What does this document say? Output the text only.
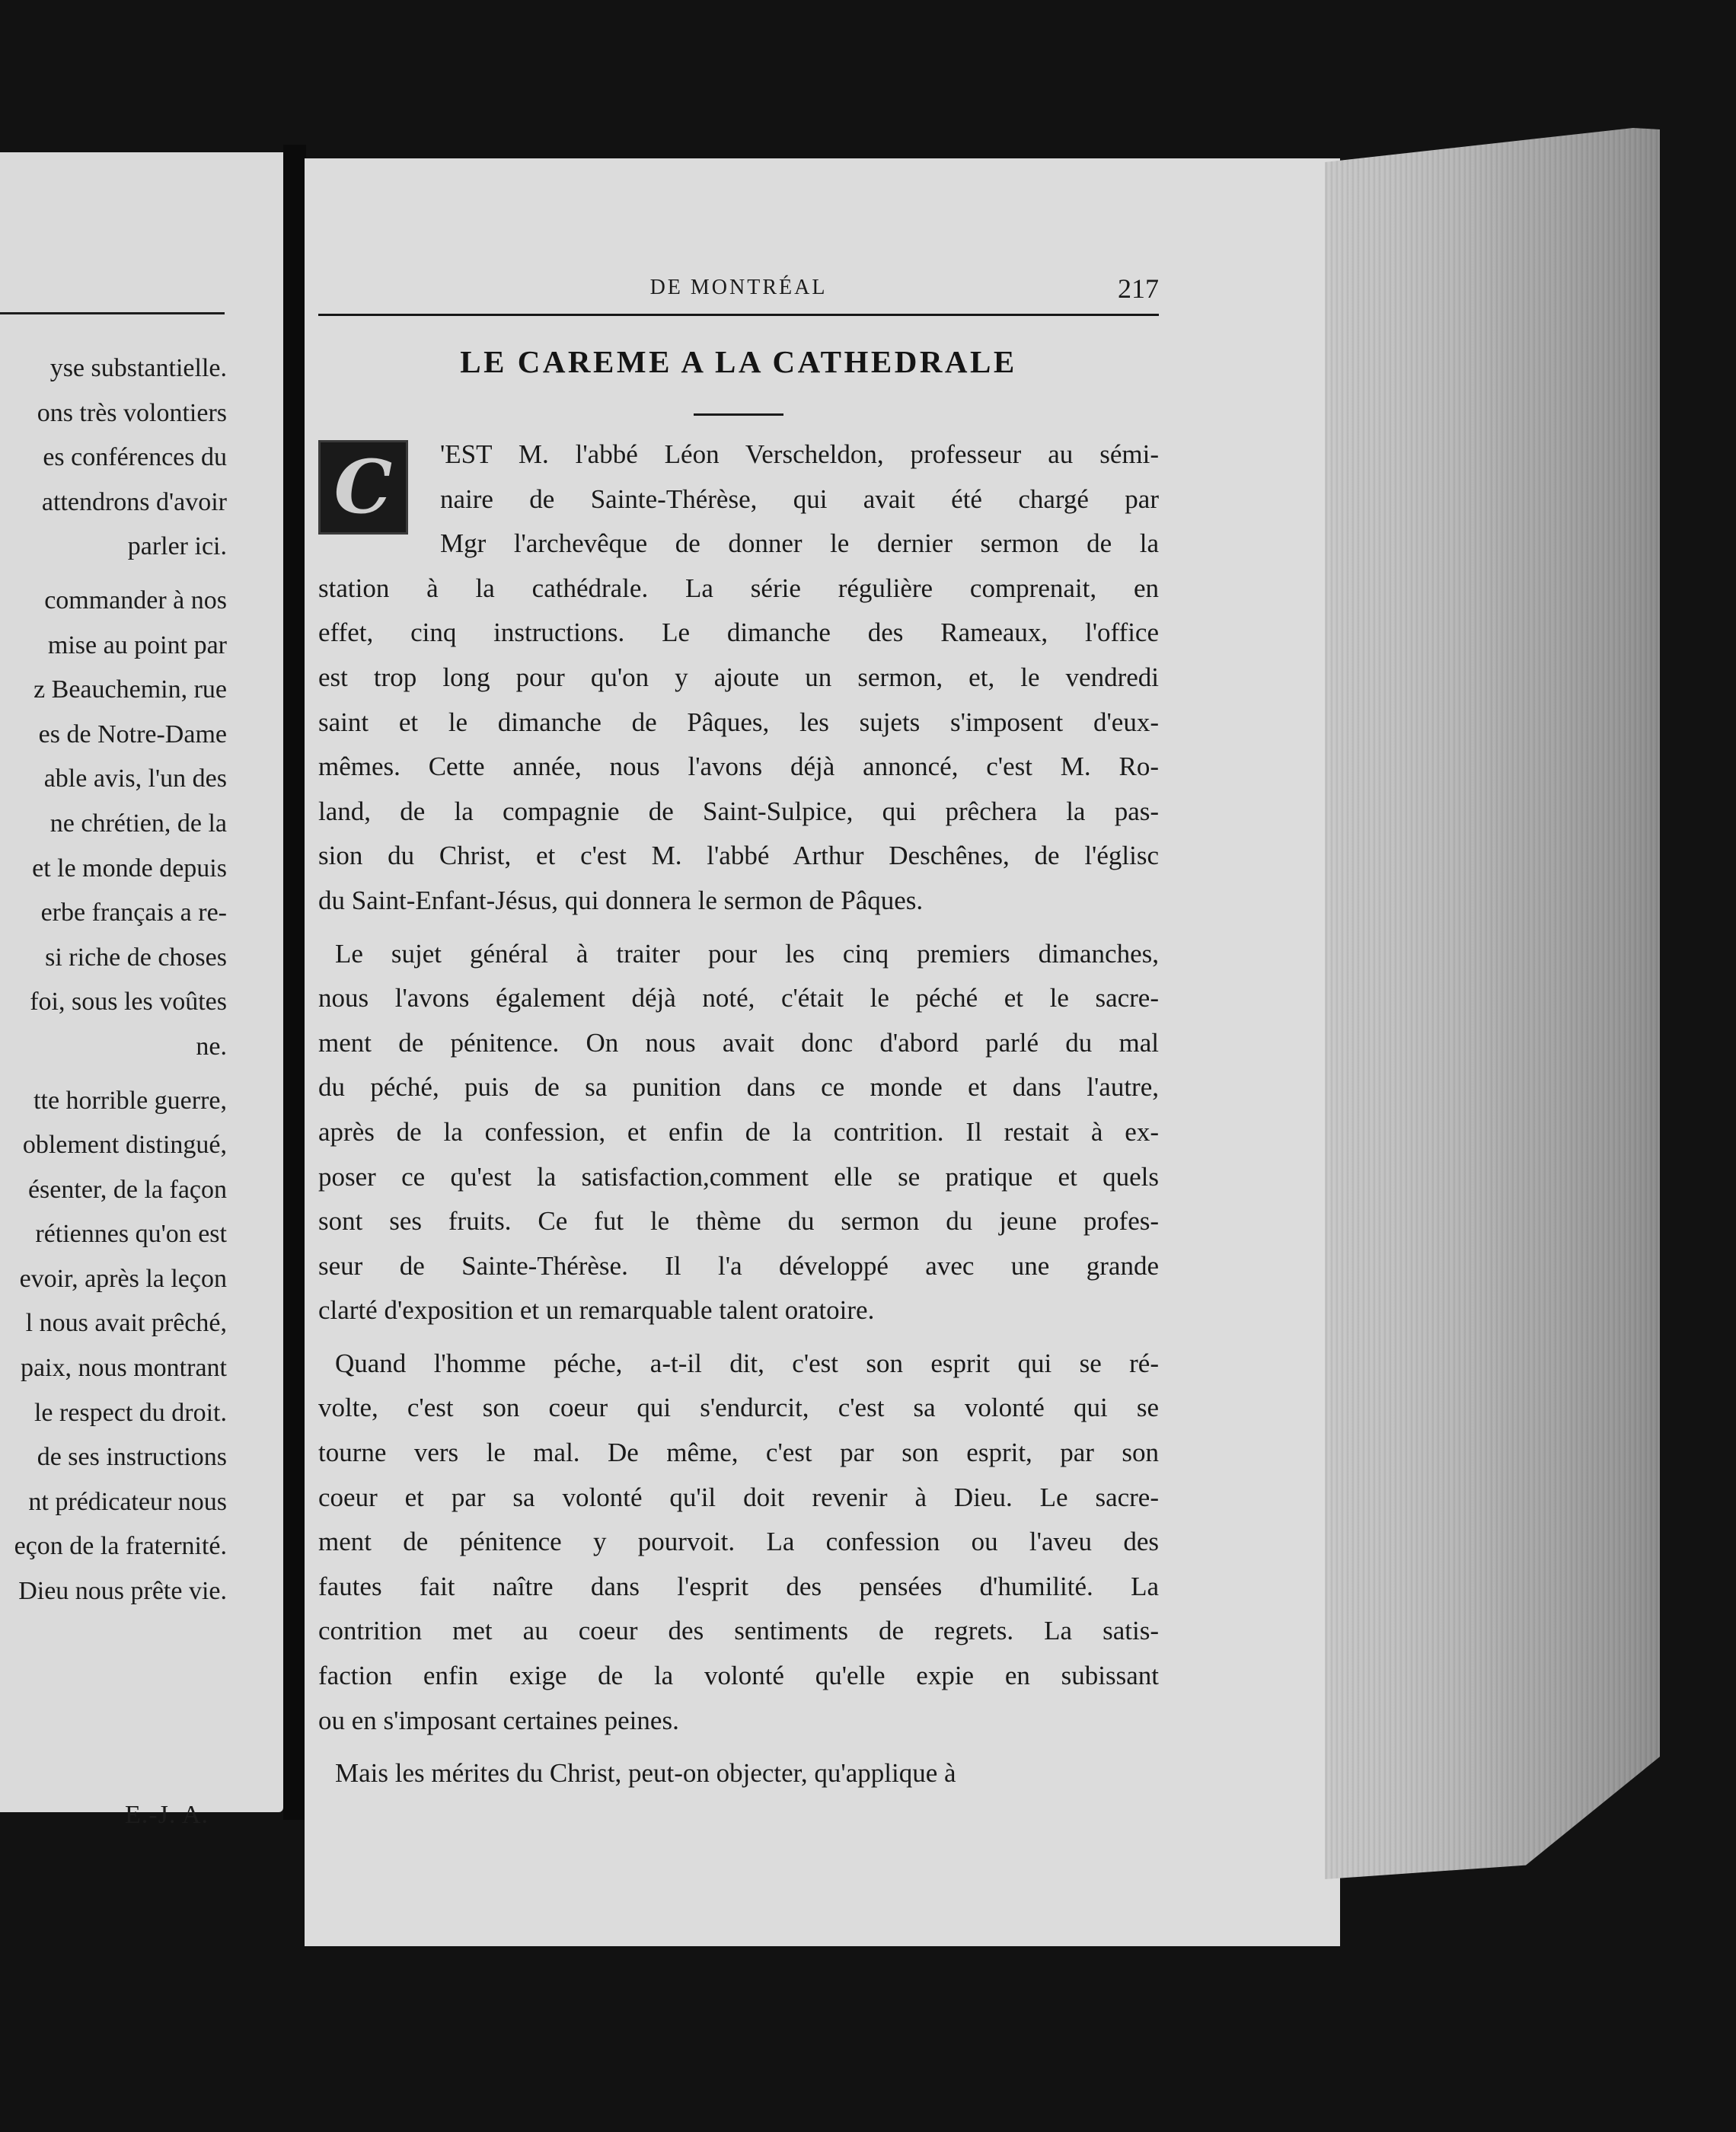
yse substantielle.
ons très volontiers
es conférences du
attendrons d'avoir
parler ici.
commander à nos
mise au point par
z Beauchemin, rue
es de Notre-Dame
able avis, l'un des
ne chrétien, de la
et le monde depuis
erbe français a re-
si riche de choses
foi, sous les voûtes
ne.
tte horrible guerre,
oblement distingué,
ésenter, de la façon
rétiennes qu'on est
evoir, après la leçon
l nous avait prêché,
paix, nous montrant
le respect du droit.
de ses instructions
nt prédicateur nous
eçon de la fraternité.
Dieu nous prête vie.
E.-J. A.
DE MONTRÉAL	217
LE CAREME A LA CATHEDRALE
C 'EST M. l'abbé Léon Verscheldon, professeur au sémi-
naire de Sainte-Thérèse, qui avait été chargé par
Mgr l'archevêque de donner le dernier sermon de la
station à la cathédrale. La série régulière comprenait, en
effet, cinq instructions. Le dimanche des Rameaux, l'office
est trop long pour qu'on y ajoute un sermon, et, le vendredi
saint et le dimanche de Pâques, les sujets s'imposent d'eux-
mêmes. Cette année, nous l'avons déjà annoncé, c'est M. Ro-
land, de la compagnie de Saint-Sulpice, qui prêchera la pas-
sion du Christ, et c'est M. l'abbé Arthur Deschênes, de l'églisc
du Saint-Enfant-Jésus, qui donnera le sermon de Pâques.
Le sujet général à traiter pour les cinq premiers dimanches,
nous l'avons également déjà noté, c'était le péché et le sacre-
ment de pénitence. On nous avait donc d'abord parlé du mal
du péché, puis de sa punition dans ce monde et dans l'autre,
après de la confession, et enfin de la contrition. Il restait à ex-
poser ce qu'est la satisfaction,comment elle se pratique et quels
sont ses fruits. Ce fut le thème du sermon du jeune profes-
seur de Sainte-Thérèse. Il l'a développé avec une grande
clarté d'exposition et un remarquable talent oratoire.
Quand l'homme péche, a-t-il dit, c'est son esprit qui se ré-
volte, c'est son coeur qui s'endurcit, c'est sa volonté qui se
tourne vers le mal. De même, c'est par son esprit, par son
coeur et par sa volonté qu'il doit revenir à Dieu. Le sacre-
ment de pénitence y pourvoit. La confession ou l'aveu des
fautes fait naître dans l'esprit des pensées d'humilité. La
contrition met au coeur des sentiments de regrets. La satis-
faction enfin exige de la volonté qu'elle expie en subissant
ou en s'imposant certaines peines.
Mais les mérites du Christ, peut-on objecter, qu'applique à
